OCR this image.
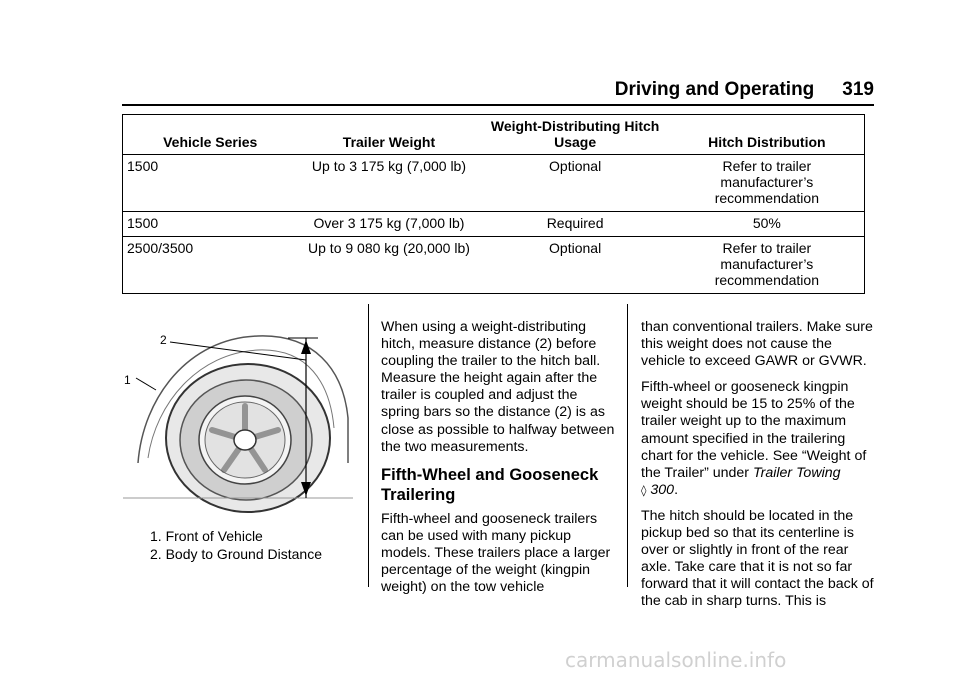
Driving and Operating 319
Vehicle Series	Trailer Weight	Weight-Distributing Hitch Usage	Hitch Distribution
1500	Up to 3 175 kg (7,000 lb)	Optional	Refer to trailer manufacturer’s recommendation
1500	Over 3 175 kg (7,000 lb)	Required	50%
2500/3500	Up to 9 080 kg (20,000 lb)	Optional	Refer to trailer manufacturer’s recommendation
2
1
1. Front of Vehicle
2. Body to Ground Distance

When using a weight-distributing hitch, measure distance (2) before coupling the trailer to the hitch ball. Measure the height again after the trailer is coupled and adjust the spring bars so the distance (2) is as close as possible to halfway between the two measurements.

Fifth-Wheel and Gooseneck Trailering

Fifth-wheel and gooseneck trailers can be used with many pickup models. These trailers place a larger percentage of the weight (kingpin weight) on the tow vehicle

than conventional trailers. Make sure this weight does not cause the vehicle to exceed GAWR or GVWR.

Fifth-wheel or gooseneck kingpin weight should be 15 to 25% of the trailer weight up to the maximum amount specified in the trailering chart for the vehicle. See “Weight of the Trailer” under Trailer Towing
◊ 300.

The hitch should be located in the pickup bed so that its centerline is over or slightly in front of the rear axle. Take care that it is not so far forward that it will contact the back of the cab in sharp turns. This is

carmanualsonline.info
